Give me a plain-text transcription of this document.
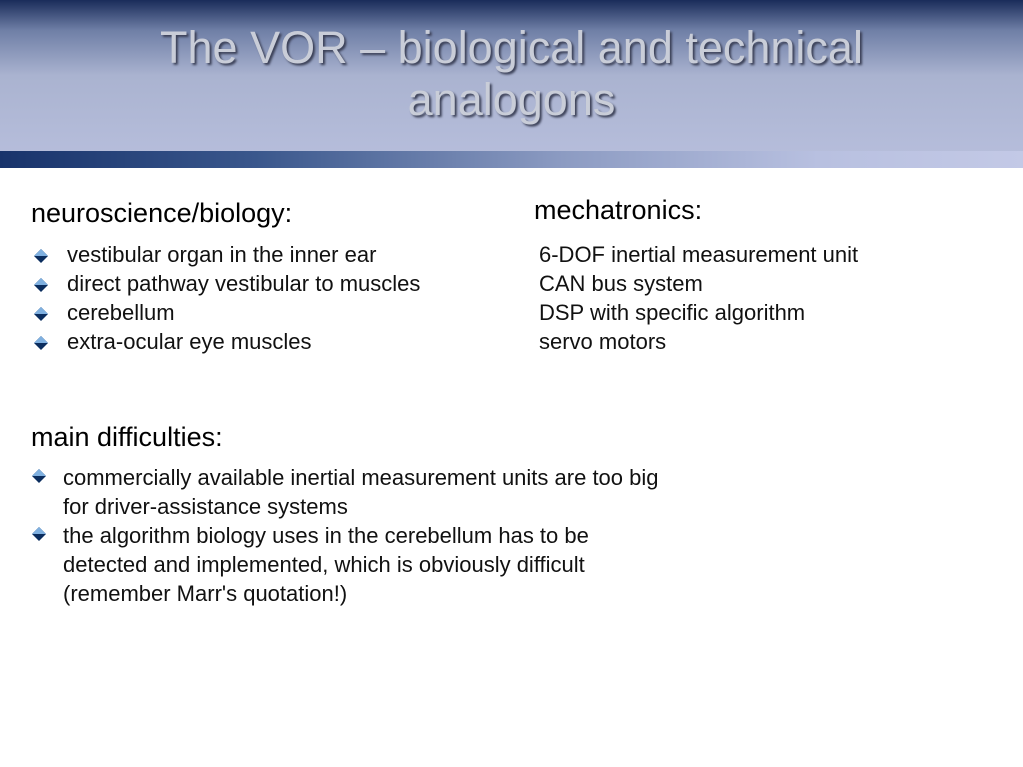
The VOR – biological and technical
analogons
neuroscience/biology:
vestibular organ in the inner ear
direct pathway vestibular to muscles
cerebellum
extra-ocular eye muscles
mechatronics:
6-DOF inertial measurement unit
CAN bus system
DSP with specific algorithm
servo motors
main difficulties:
commercially available inertial measurement units are too big
for driver-assistance systems
the algorithm biology uses in the cerebellum has to be
detected and implemented, which is obviously difficult
(remember Marr's quotation!)
